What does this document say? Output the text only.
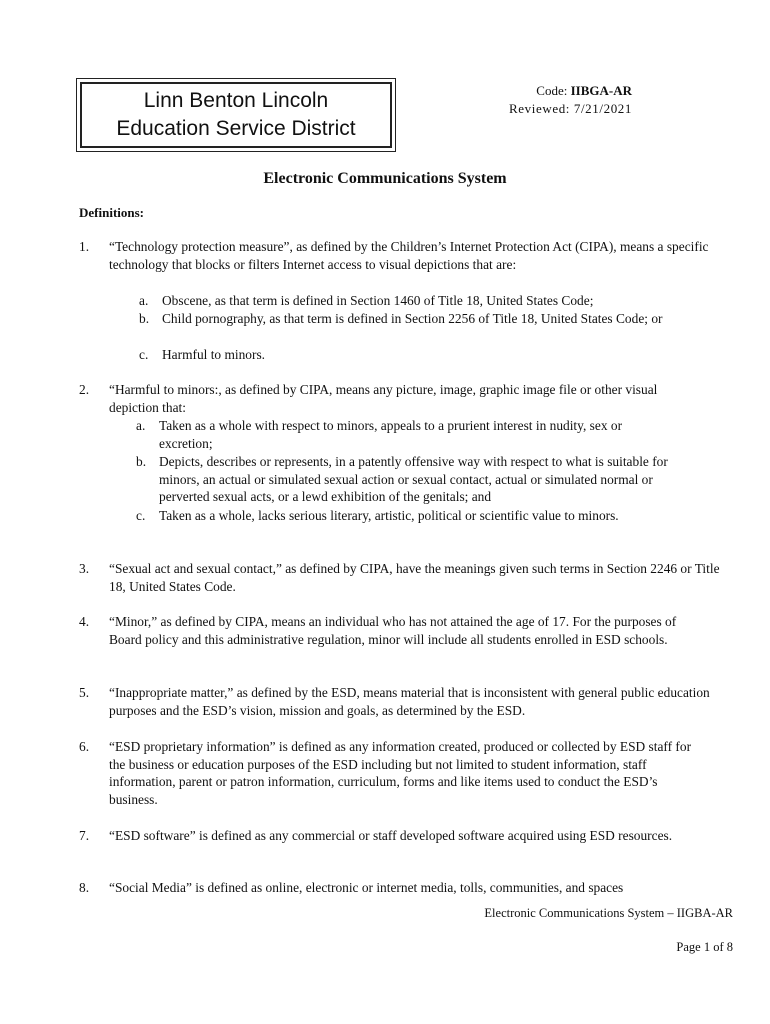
Linn Benton Lincoln
Education Service District
Code: IIBGA-AR
Reviewed: 7/21/2021
Electronic Communications System
Definitions:
1. “Technology protection measure”, as defined by the Children’s Internet Protection Act (CIPA), means a specific technology that blocks or filters Internet access to visual depictions that are:
a. Obscene, as that term is defined in Section 1460 of Title 18, United States Code;
b. Child pornography, as that term is defined in Section 2256 of Title 18, United States Code; or
c. Harmful to minors.
2. “Harmful to minors:, as defined by CIPA, means any picture, image, graphic image file or other visual depiction that:
a. Taken as a whole with respect to minors, appeals to a prurient interest in nudity, sex or excretion;
b. Depicts, describes or represents, in a patently offensive way with respect to what is suitable for minors, an actual or simulated sexual action or sexual contact, actual or simulated normal or perverted sexual acts, or a lewd exhibition of the genitals; and
c. Taken as a whole, lacks serious literary, artistic, political or scientific value to minors.
3. “Sexual act and sexual contact,” as defined by CIPA, have the meanings given such terms in Section 2246 or Title 18, United States Code.
4. “Minor,” as defined by CIPA, means an individual who has not attained the age of 17. For the purposes of Board policy and this administrative regulation, minor will include all students enrolled in ESD schools.
5. “Inappropriate matter,” as defined by the ESD, means material that is inconsistent with general public education purposes and the ESD’s vision, mission and goals, as determined by the ESD.
6. “ESD proprietary information” is defined as any information created, produced or collected by ESD staff for the business or education purposes of the ESD including but not limited to student information, staff information, parent or patron information, curriculum, forms and like items used to conduct the ESD’s business.
7. “ESD software” is defined as any commercial or staff developed software acquired using ESD resources.
8. “Social Media” is defined as online, electronic or internet media, tolls, communities, and spaces
Electronic Communications System – IIGBA-AR
Page 1 of 8
